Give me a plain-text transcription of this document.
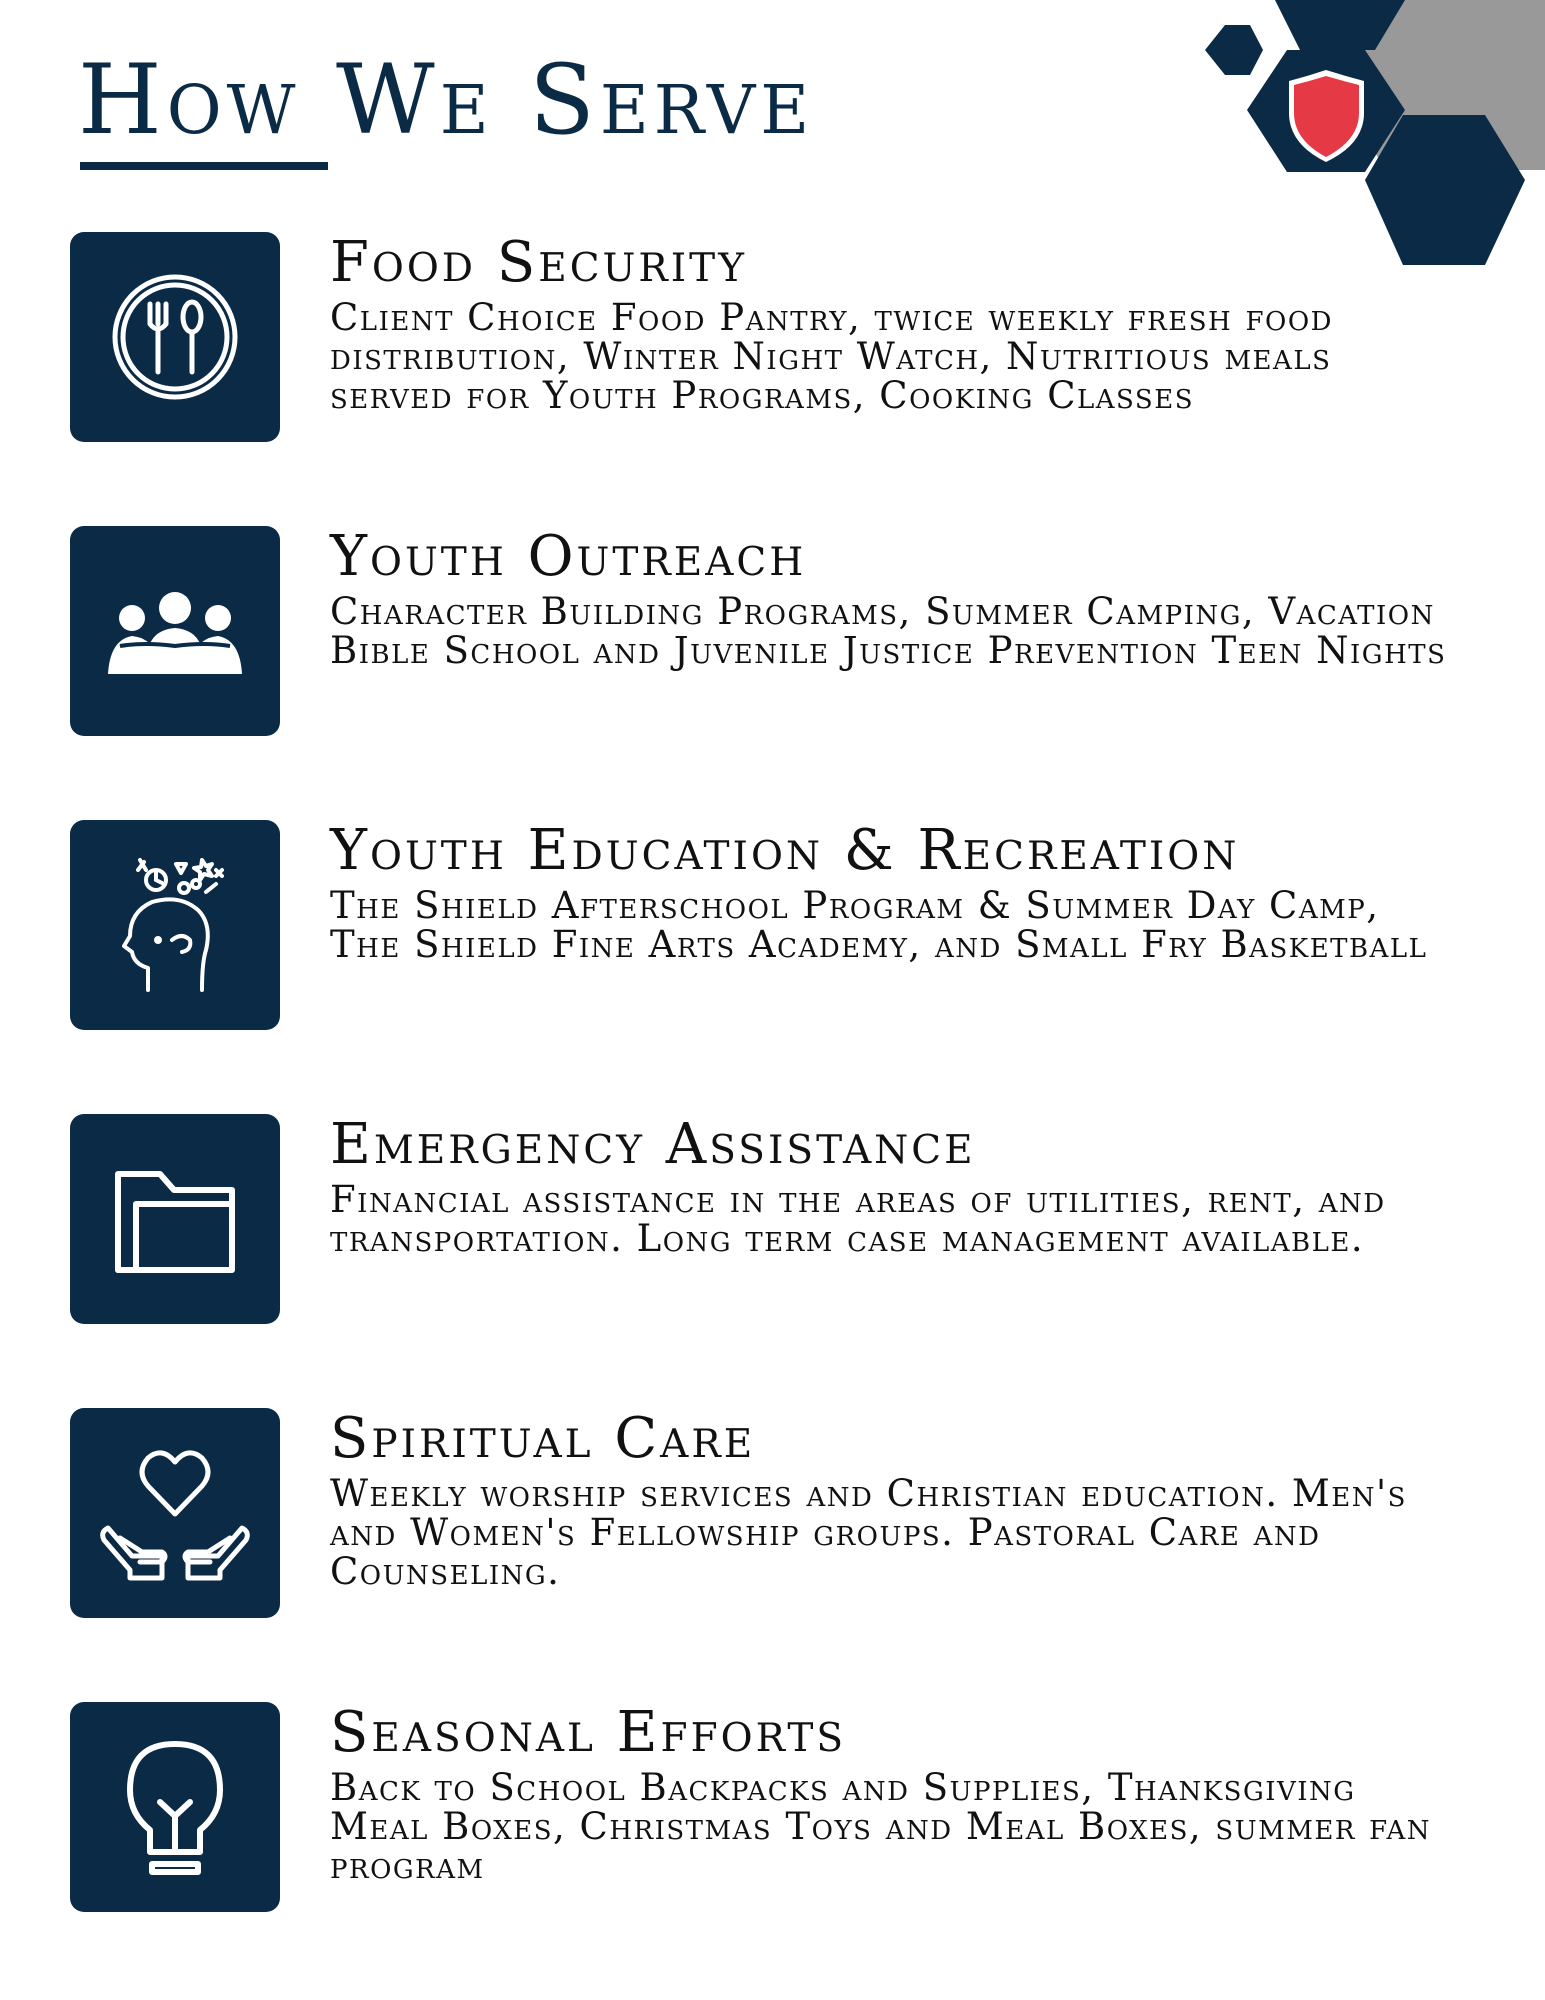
How We Serve
Food Security

Client Choice Food Pantry, twice weekly fresh food distribution, Winter Night Watch, Nutritious meals served for Youth Programs, Cooking Classes

Youth Outreach

Character Building Programs, Summer Camping, Vacation Bible School and Juvenile Justice Prevention Teen Nights

Youth Education & Recreation

The Shield Afterschool Program & Summer Day Camp, The Shield Fine Arts Academy, and Small Fry Basketball

Emergency Assistance

Financial assistance in the areas of utilities, rent, and transportation. Long term case management available.

Spiritual Care

Weekly worship services and Christian education. Men's and Women's Fellowship groups. Pastoral Care and Counseling.

Seasonal Efforts

Back to School Backpacks and Supplies, Thanksgiving Meal Boxes, Christmas Toys and Meal Boxes, summer fan program
